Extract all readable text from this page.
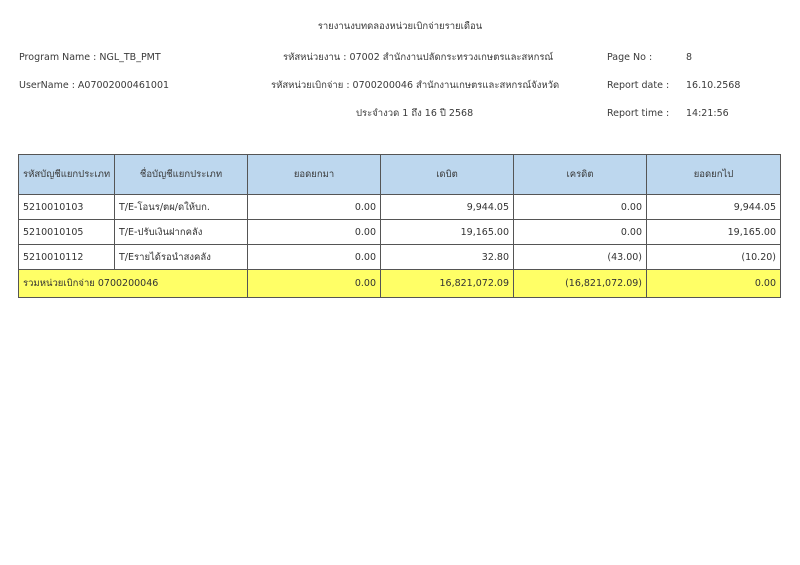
รายงานงบทดลองหน่วยเบิกจ่ายรายเดือน
Program Name : NGL_TB_PMT	รหัสหน่วยงาน : 07002 สำนักงานปลัดกระทรวงเกษตรและสหกรณ์	Page No :	8
UserName : A07002000461001	รหัสหน่วยเบิกจ่าย : 0700200046 สำนักงานเกษตรและสหกรณ์จังหวัด	Report date : 16.10.2568
ประจำงวด 1 ถึง 16 ปี 2568	Report time : 14:21:56
รหัสบัญชีแยกประเภท	ชื่อบัญชีแยกประเภท	ยอดยกมา	เดบิต	เครดิต	ยอดยกไป
5210010103	T/E-โอนร/ตผ/ดให้บก.	0.00	9,944.05	0.00	9,944.05
5210010105	T/E-ปรับเงินฝากคลัง	0.00	19,165.00	0.00	19,165.00
5210010112	T/Eรายได้รอนำสงคลัง	0.00	32.80	(43.00)	(10.20)
รวมหน่วยเบิกจ่าย 0700200046		0.00	16,821,072.09	(16,821,072.09)	0.00
